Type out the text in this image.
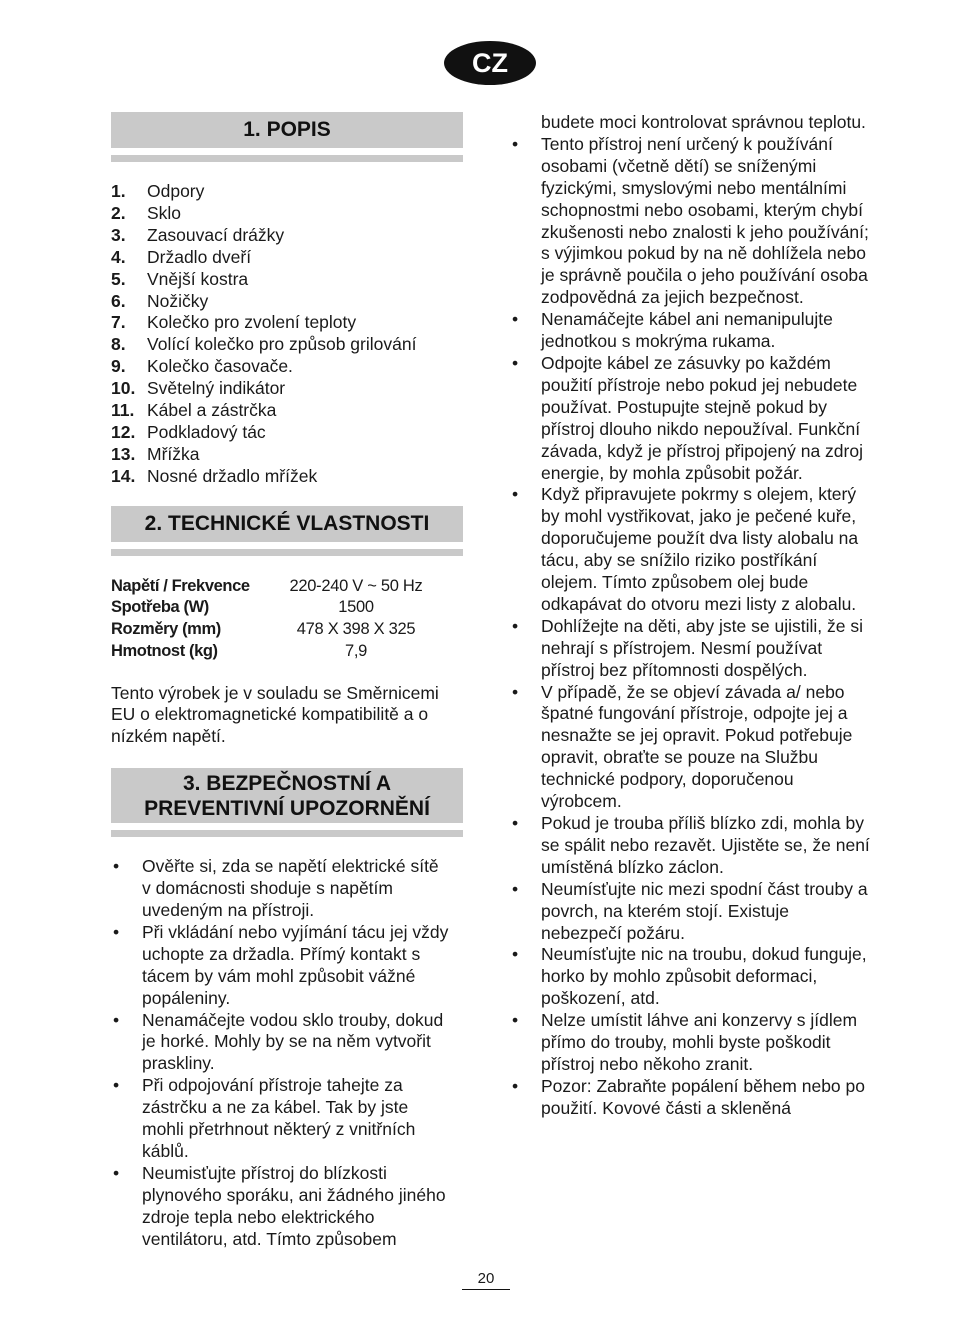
CZ
1. POPIS
1.	Odpory
2.	Sklo
3.	Zasouvací drážky
4.	Držadlo dveří
5.	Vnější kostra
6.	Nožičky
7.	Kolečko pro zvolení teploty
8.	Volící kolečko pro způsob grilování
9.	Kolečko časovače.
10. Světelný indikátor
11. Kábel a zástrčka
12. Podkladový tác
13. Mřížka
14. Nosné držadlo mřížek
2. TECHNICKÉ VLASTNOSTI
Napětí / Frekvence	220-240 V ~ 50 Hz
Spotřeba (W)	1500
Rozměry (mm)	478 X 398 X 325
Hmotnost (kg)	7,9
Tento výrobek je v souladu se Směrnicemi EU o elektromagnetické kompatibilitě a o nízkém napětí.
3. BEZPEČNOSTNÍ A
PREVENTIVNÍ UPOZORNĚNÍ
• Ověřte si, zda se napětí elektrické sítě v domácnosti shoduje s napětím uvedeným na přístroji.
• Při vkládání nebo vyjímání tácu jej vždy uchopte za držadla. Přímý kontakt s tácem by vám mohl způsobit vážné popáleniny.
• Nenamáčejte vodou sklo trouby, dokud je horké. Mohly by se na něm vytvořit praskliny.
• Při odpojování přístroje tahejte za zástrčku a ne za kábel. Tak by jste mohli přetrhnout některý z vnitřních káblů.
• Neumisťujte přístroj do blízkosti plynového sporáku, ani žádného jiného zdroje tepla nebo elektrického ventilátoru, atd. Tímto způsobem
budete moci kontrolovat správnou teplotu.
• Tento přístroj není určený k používání osobami (včetně dětí) se sníženými fyzickými, smyslovými nebo mentálními schopnostmi nebo osobami, kterým chybí zkušenosti nebo znalosti k jeho používání; s výjimkou pokud by na ně dohlížela nebo je správně poučila o jeho používání osoba zodpovědná za jejich bezpečnost.
• Nenamáčejte kábel ani nemanipulujte jednotkou s mokrýma rukama.
• Odpojte kábel ze zásuvky po každém použití přístroje nebo pokud jej nebudete používat. Postupujte stejně pokud by přístroj dlouho nikdo nepoužíval. Funkční závada, když je přístroj připojený na zdroj energie, by mohla způsobit požár.
• Když připravujete pokrmy s olejem, který by mohl vystřikovat, jako je pečené kuře, doporučujeme použít dva listy alobalu na tácu, aby se snížilo riziko postříkání olejem. Tímto způsobem olej bude odkapávat do otvoru mezi listy z alobalu.
• Dohlížejte na děti, aby jste se ujistili, že si nehrají s přístrojem. Nesmí používat přístroj bez přítomnosti dospělých.
• V případě, že se objeví závada a/ nebo špatné fungování přístroje, odpojte jej a nesnažte se jej opravit. Pokud potřebuje opravit, obraťte se pouze na Službu technické podpory, doporučenou výrobcem.
• Pokud je trouba příliš blízko zdi, mohla by se spálit nebo rezavět. Ujistěte se, že není umístěná blízko záclon.
• Neumísťujte nic mezi spodní část trouby a povrch, na kterém stojí. Existuje nebezpečí požáru.
• Neumísťujte nic na troubu, dokud funguje, horko by mohlo způsobit deformaci, poškození, atd.
• Nelze umístit láhve ani konzervy s jídlem přímo do trouby, mohli byste poškodit přístroj nebo někoho zranit.
• Pozor: Zabraňte popálení během nebo po použití. Kovové části a skleněná
20
